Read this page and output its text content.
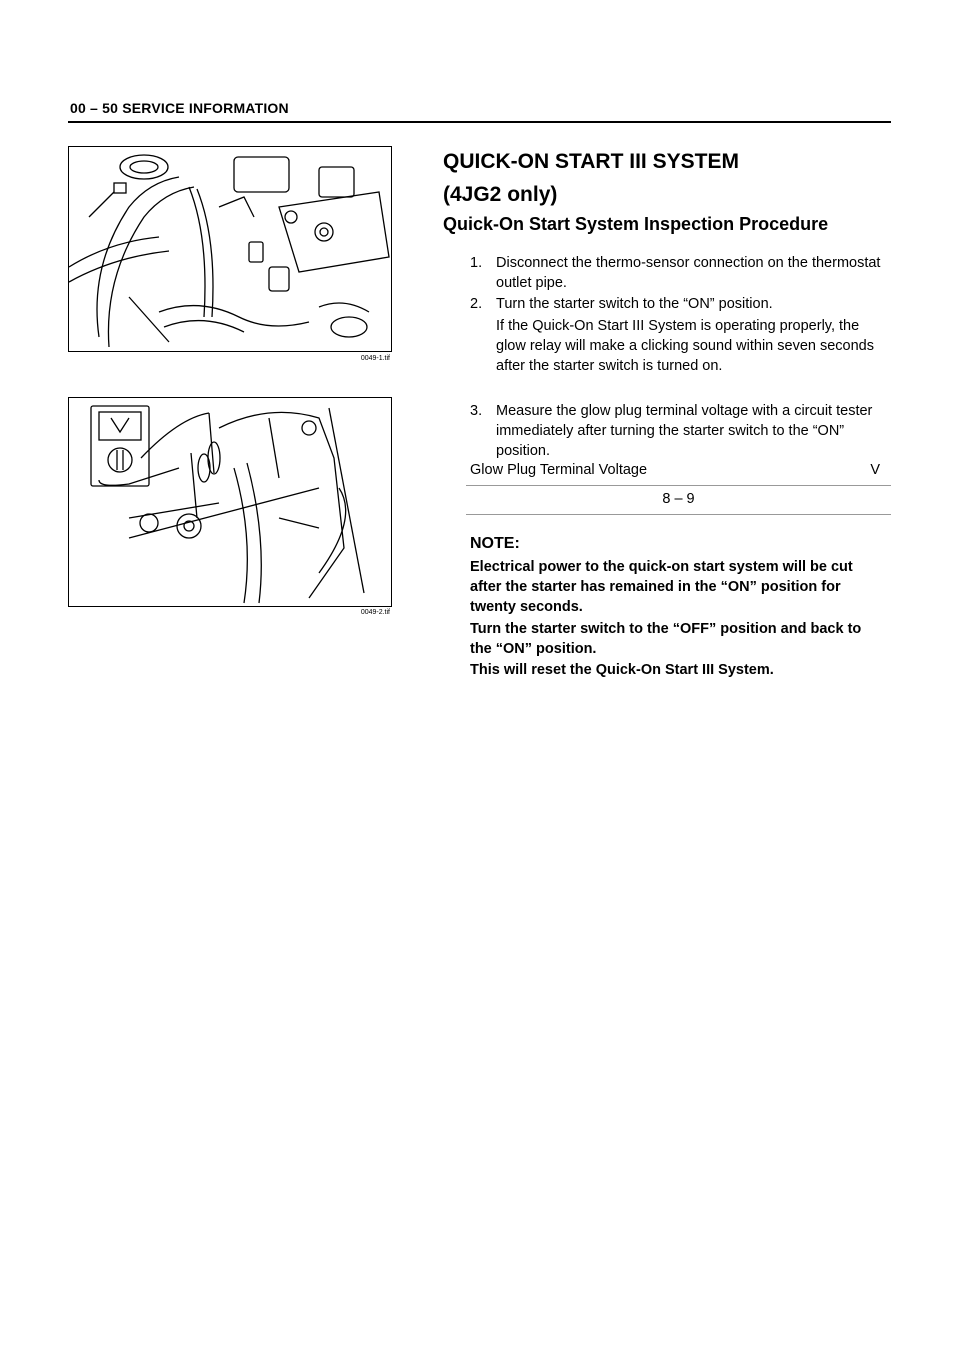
00 – 50 SERVICE INFORMATION
0049-1.tif
0049-2.tif
QUICK-ON START III SYSTEM
(4JG2 only)
Quick-On Start System Inspection Procedure
1. Disconnect the thermo-sensor connection on the thermostat outlet pipe.
2. Turn the starter switch to the “ON” position.
If the Quick-On Start III System is operating properly, the glow relay will make a clicking sound within seven seconds after the starter switch is turned on.
3. Measure the glow plug terminal voltage with a circuit tester immediately after turning the starter switch to the “ON” position.
Glow Plug Terminal Voltage	V
8 – 9
NOTE:
Electrical power to the quick-on start system will be cut after the starter has remained in the “ON” position for twenty seconds.
Turn the starter switch to the “OFF” position and back to the “ON” position.
This will reset the Quick-On Start III System.
